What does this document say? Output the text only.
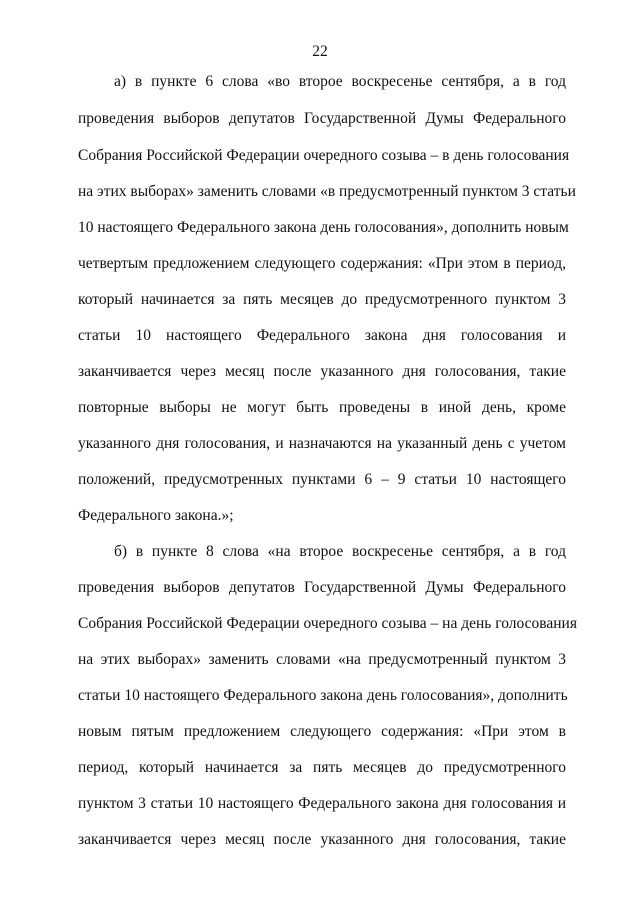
22
а) в пункте 6 слова «во второе воскресенье сентября, а в год
проведения выборов депутатов Государственной Думы Федерального
Собрания Российской Федерации очередного созыва – в день голосования
на этих выборах» заменить словами «в предусмотренный пунктом 3 статьи
10 настоящего Федерального закона день голосования», дополнить новым
четвертым предложением следующего содержания: «При этом в период,
который начинается за пять месяцев до предусмотренного пунктом 3
статьи 10 настоящего Федерального закона дня голосования и
заканчивается через месяц после указанного дня голосования, такие
повторные выборы не могут быть проведены в иной день, кроме
указанного дня голосования, и назначаются на указанный день с учетом
положений, предусмотренных пунктами 6 – 9 статьи 10 настоящего
Федерального закона.»;
б) в пункте 8 слова «на второе воскресенье сентября, а в год
проведения выборов депутатов Государственной Думы Федерального
Собрания Российской Федерации очередного созыва – на день голосования
на этих выборах» заменить словами «на предусмотренный пунктом 3
статьи 10 настоящего Федерального закона день голосования», дополнить
новым пятым предложением следующего содержания: «При этом в
период, который начинается за пять месяцев до предусмотренного
пунктом 3 статьи 10 настоящего Федерального закона дня голосования и
заканчивается через месяц после указанного дня голосования, такие
